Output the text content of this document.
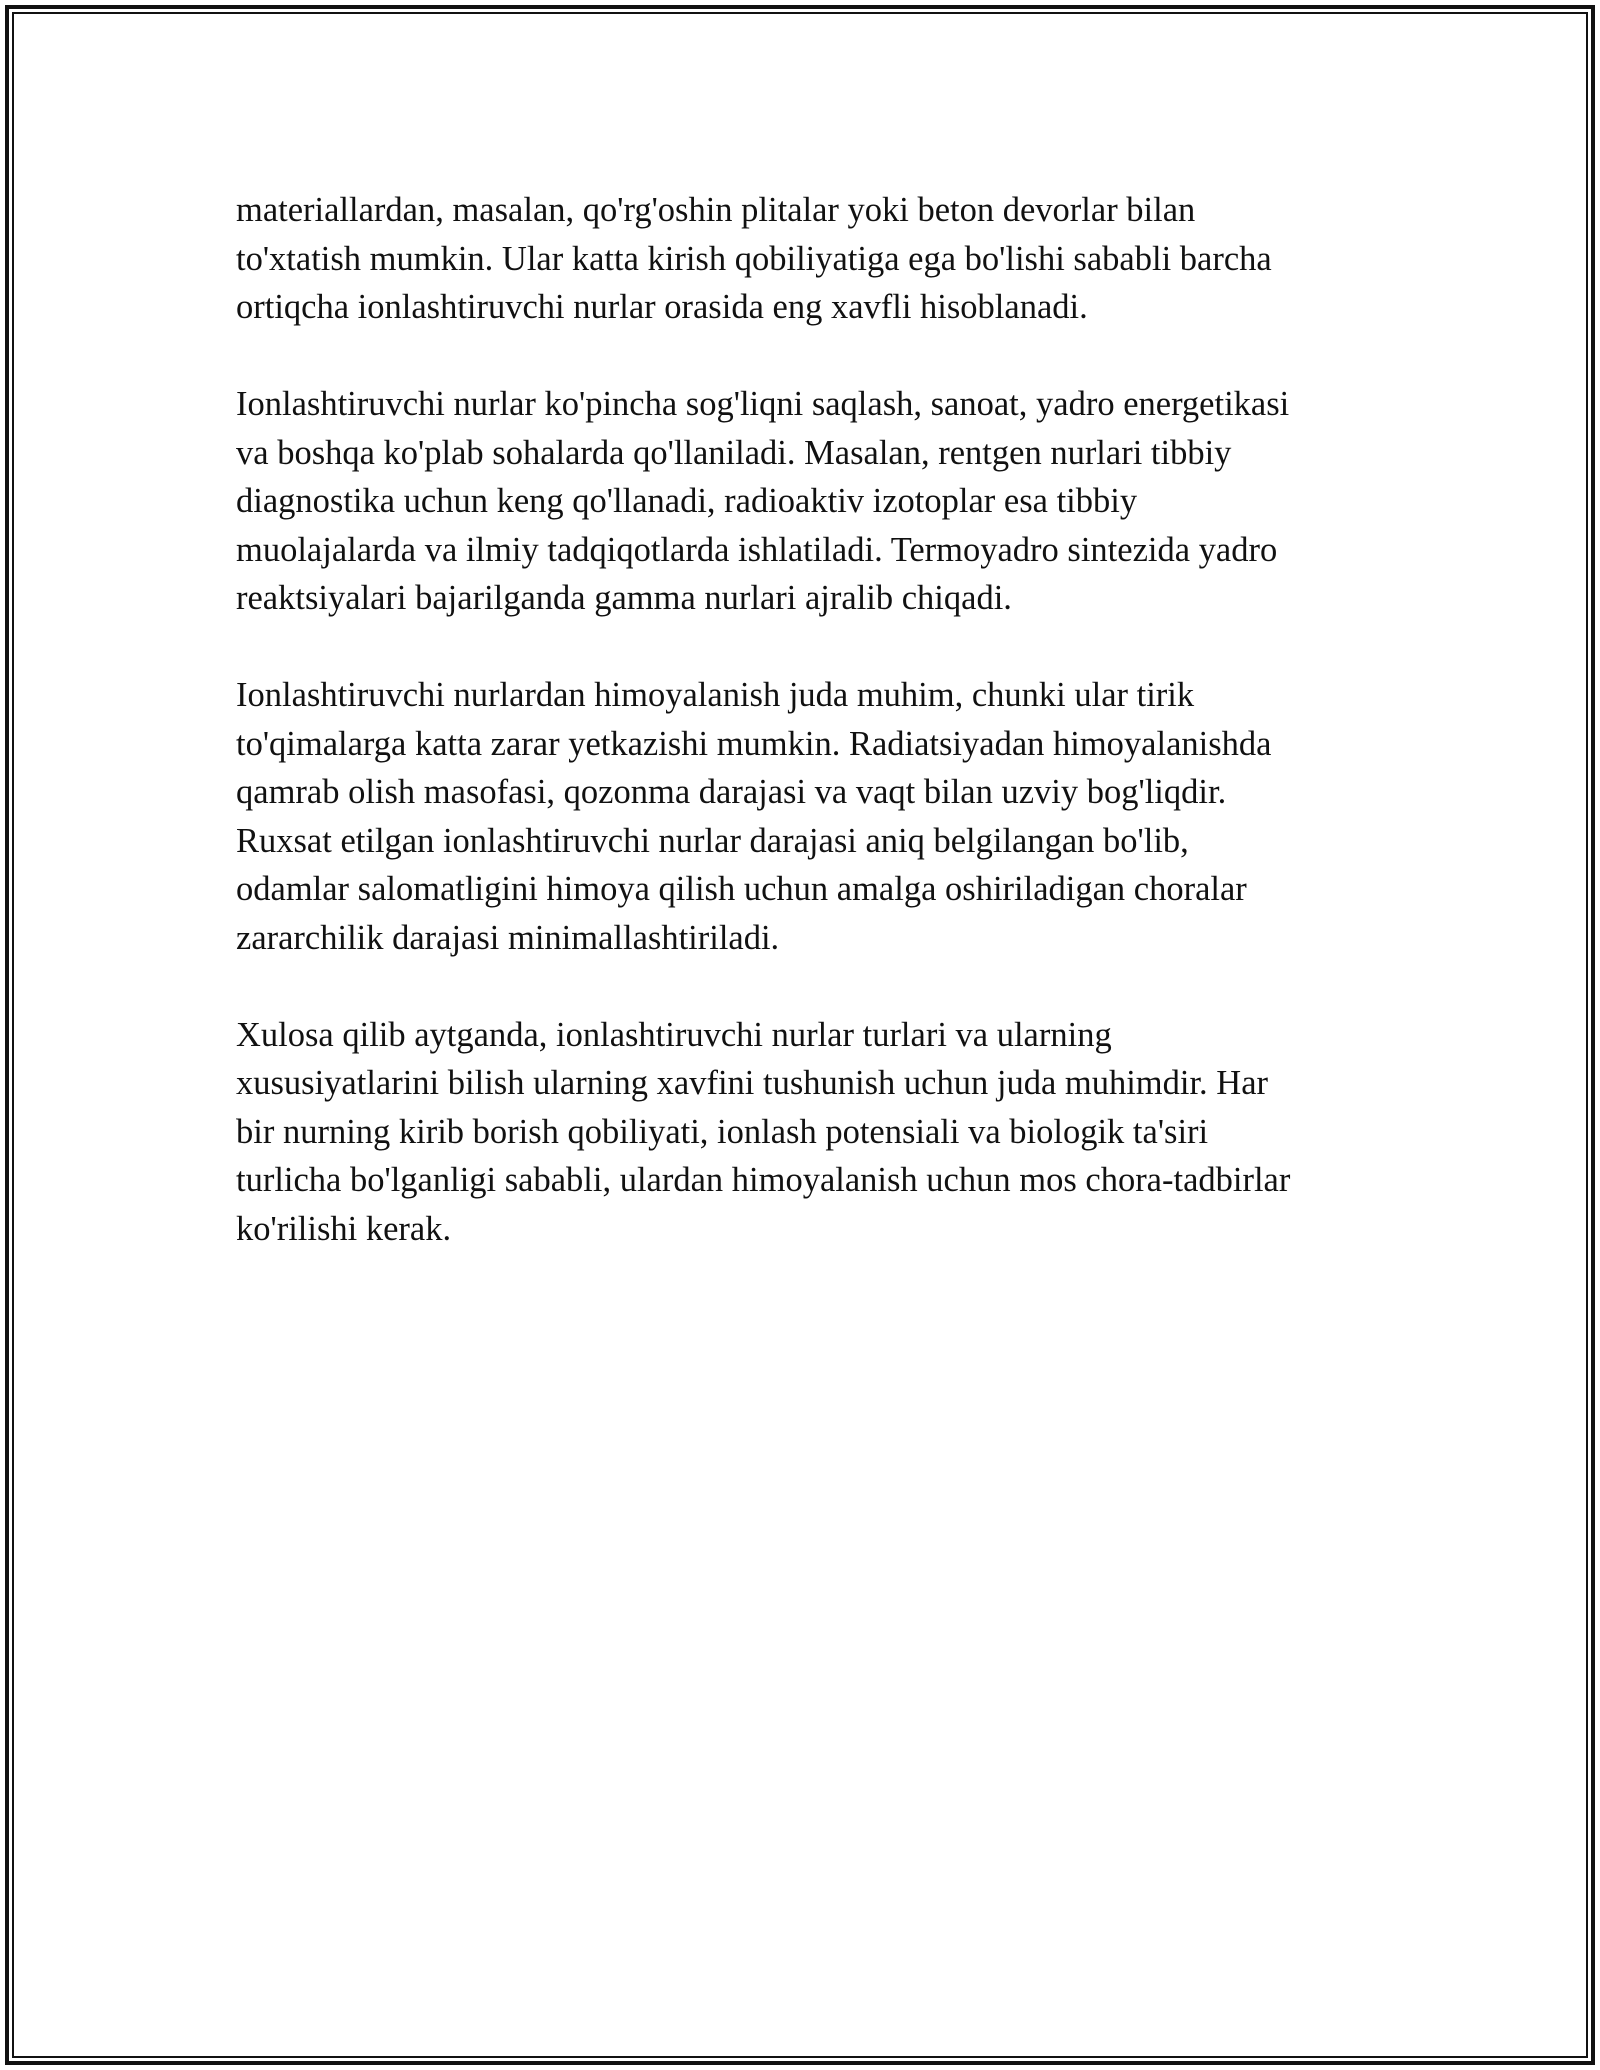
materiallardan, masalan, qo'rg'oshin plitalar yoki beton devorlar bilan
to'xtatish mumkin. Ular katta kirish qobiliyatiga ega bo'lishi sababli barcha
ortiqcha ionlashtiruvchi nurlar orasida eng xavfli hisoblanadi.

Ionlashtiruvchi nurlar ko'pincha sog'liqni saqlash, sanoat, yadro energetikasi
va boshqa ko'plab sohalarda qo'llaniladi. Masalan, rentgen nurlari tibbiy
diagnostika uchun keng qo'llanadi, radioaktiv izotoplar esa tibbiy
muolajalarda va ilmiy tadqiqotlarda ishlatiladi. Termoyadro sintezida yadro
reaktsiyalari bajarilganda gamma nurlari ajralib chiqadi.

Ionlashtiruvchi nurlardan himoyalanish juda muhim, chunki ular tirik
to'qimalarga katta zarar yetkazishi mumkin. Radiatsiyadan himoyalanishda
qamrab olish masofasi, qozonma darajasi va vaqt bilan uzviy bog'liqdir.
Ruxsat etilgan ionlashtiruvchi nurlar darajasi aniq belgilangan bo'lib,
odamlar salomatligini himoya qilish uchun amalga oshiriladigan choralar
zararchilik darajasi minimallashtiriladi.

Xulosa qilib aytganda, ionlashtiruvchi nurlar turlari va ularning
xususiyatlarini bilish ularning xavfini tushunish uchun juda muhimdir. Har
bir nurning kirib borish qobiliyati, ionlash potensiali va biologik ta'siri
turlicha bo'lganligi sababli, ulardan himoyalanish uchun mos chora-tadbirlar
ko'rilishi kerak.
